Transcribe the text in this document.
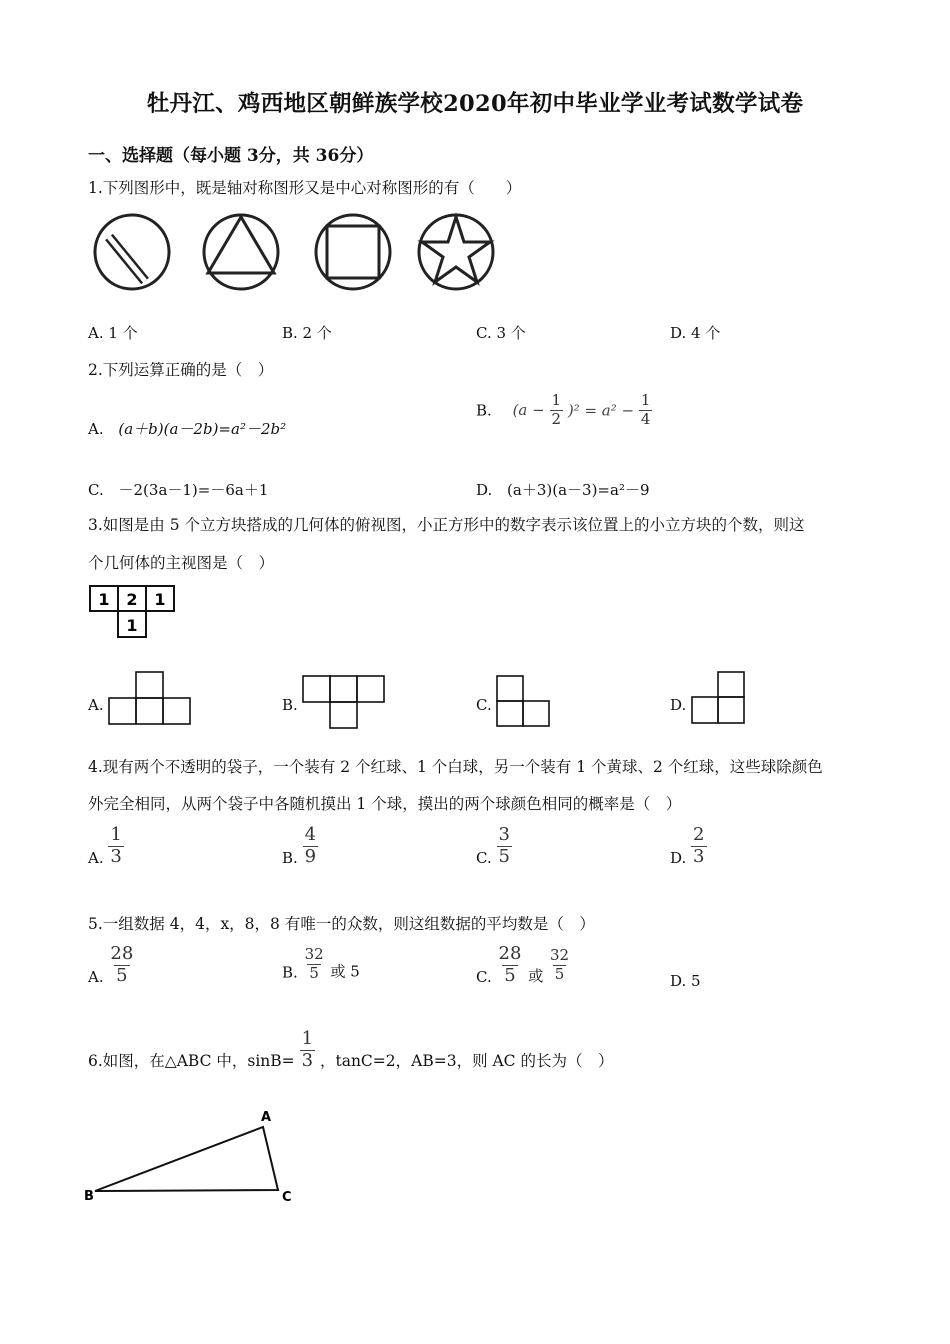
牡丹江、鸡西地区朝鲜族学校2020年初中毕业学业考试数学试卷
一、选择题（每小题 3分，共 36分）
1.下列图形中，既是轴对称图形又是中心对称图形的有（　　）
A. 1 个	B. 2 个	C. 3 个	D. 4 个
2.下列运算正确的是（　）
A. (a＋b)(a－2b)=a²－2b²
B. $(a - \frac{1}{2} )^2 = a^2 - \frac{1}{4}$
C. －2(3a－1)=－6a＋1	D. (a＋3)(a－3)=a²－9
3.如图是由 5 个立方块搭成的几何体的俯视图，小正方形中的数字表示该位置上的小立方块的个数，则这
个几何体的主视图是（　）
1 2 1
1
A.	B.	C.	D.
4.现有两个不透明的袋子，一个装有 2 个红球、1 个白球，另一个装有 1 个黄球、2 个红球，这些球除颜色
外完全相同，从两个袋子中各随机摸出 1 个球，摸出的两个球颜色相同的概率是（　）
A. $\frac{1}{3}$	B. $\frac{4}{9}$	C. $\frac{3}{5}$	D. $\frac{2}{3}$
5.一组数据 4，4，x，8，8 有唯一的众数，则这组数据的平均数是（　）
A. $\frac{28}{5}$	B. $\frac{32}{5}$ 或 5	C. $\frac{28}{5}$ 或 $\frac{32}{5}$	D. 5
6.如图，在△ABC 中，$\sin B= \frac{1}{3}$ ，tanC=2，AB=3，则 AC 的长为（　）
A
B	C
